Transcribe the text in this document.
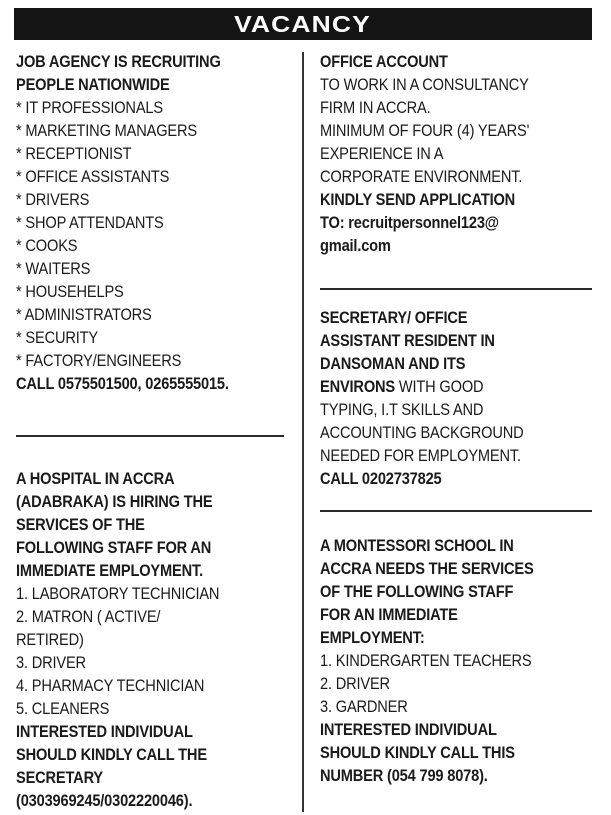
VACANCY
JOB AGENCY IS RECRUITING
PEOPLE NATIONWIDE
* IT PROFESSIONALS
* MARKETING MANAGERS
* RECEPTIONIST
* OFFICE ASSISTANTS
* DRIVERS
* SHOP ATTENDANTS
* COOKS
* WAITERS
* HOUSEHELPS
* ADMINISTRATORS
* SECURITY
* FACTORY/ENGINEERS
CALL 0575501500, 0265555015.
A HOSPITAL IN ACCRA
(ADABRAKA) IS HIRING THE
SERVICES OF THE
FOLLOWING STAFF FOR AN
IMMEDIATE EMPLOYMENT.
1. LABORATORY TECHNICIAN
2. MATRON ( ACTIVE/
RETIRED)
3. DRIVER
4. PHARMACY TECHNICIAN
5. CLEANERS
INTERESTED INDIVIDUAL
SHOULD KINDLY CALL THE
SECRETARY
(0303969245/0302220046).
OFFICE ACCOUNT
TO WORK IN A CONSULTANCY
FIRM IN ACCRA.
MINIMUM OF FOUR (4) YEARS'
EXPERIENCE IN A
CORPORATE ENVIRONMENT.
KINDLY SEND APPLICATION
TO: recruitpersonnel123@
gmail.com
SECRETARY/ OFFICE
ASSISTANT RESIDENT IN
DANSOMAN AND ITS
ENVIRONS WITH GOOD
TYPING, I.T SKILLS AND
ACCOUNTING BACKGROUND
NEEDED FOR EMPLOYMENT.
CALL 0202737825
A MONTESSORI SCHOOL IN
ACCRA NEEDS THE SERVICES
OF THE FOLLOWING STAFF
FOR AN IMMEDIATE
EMPLOYMENT:
1. KINDERGARTEN TEACHERS
2. DRIVER
3. GARDNER
INTERESTED INDIVIDUAL
SHOULD KINDLY CALL THIS
NUMBER (054 799 8078).
